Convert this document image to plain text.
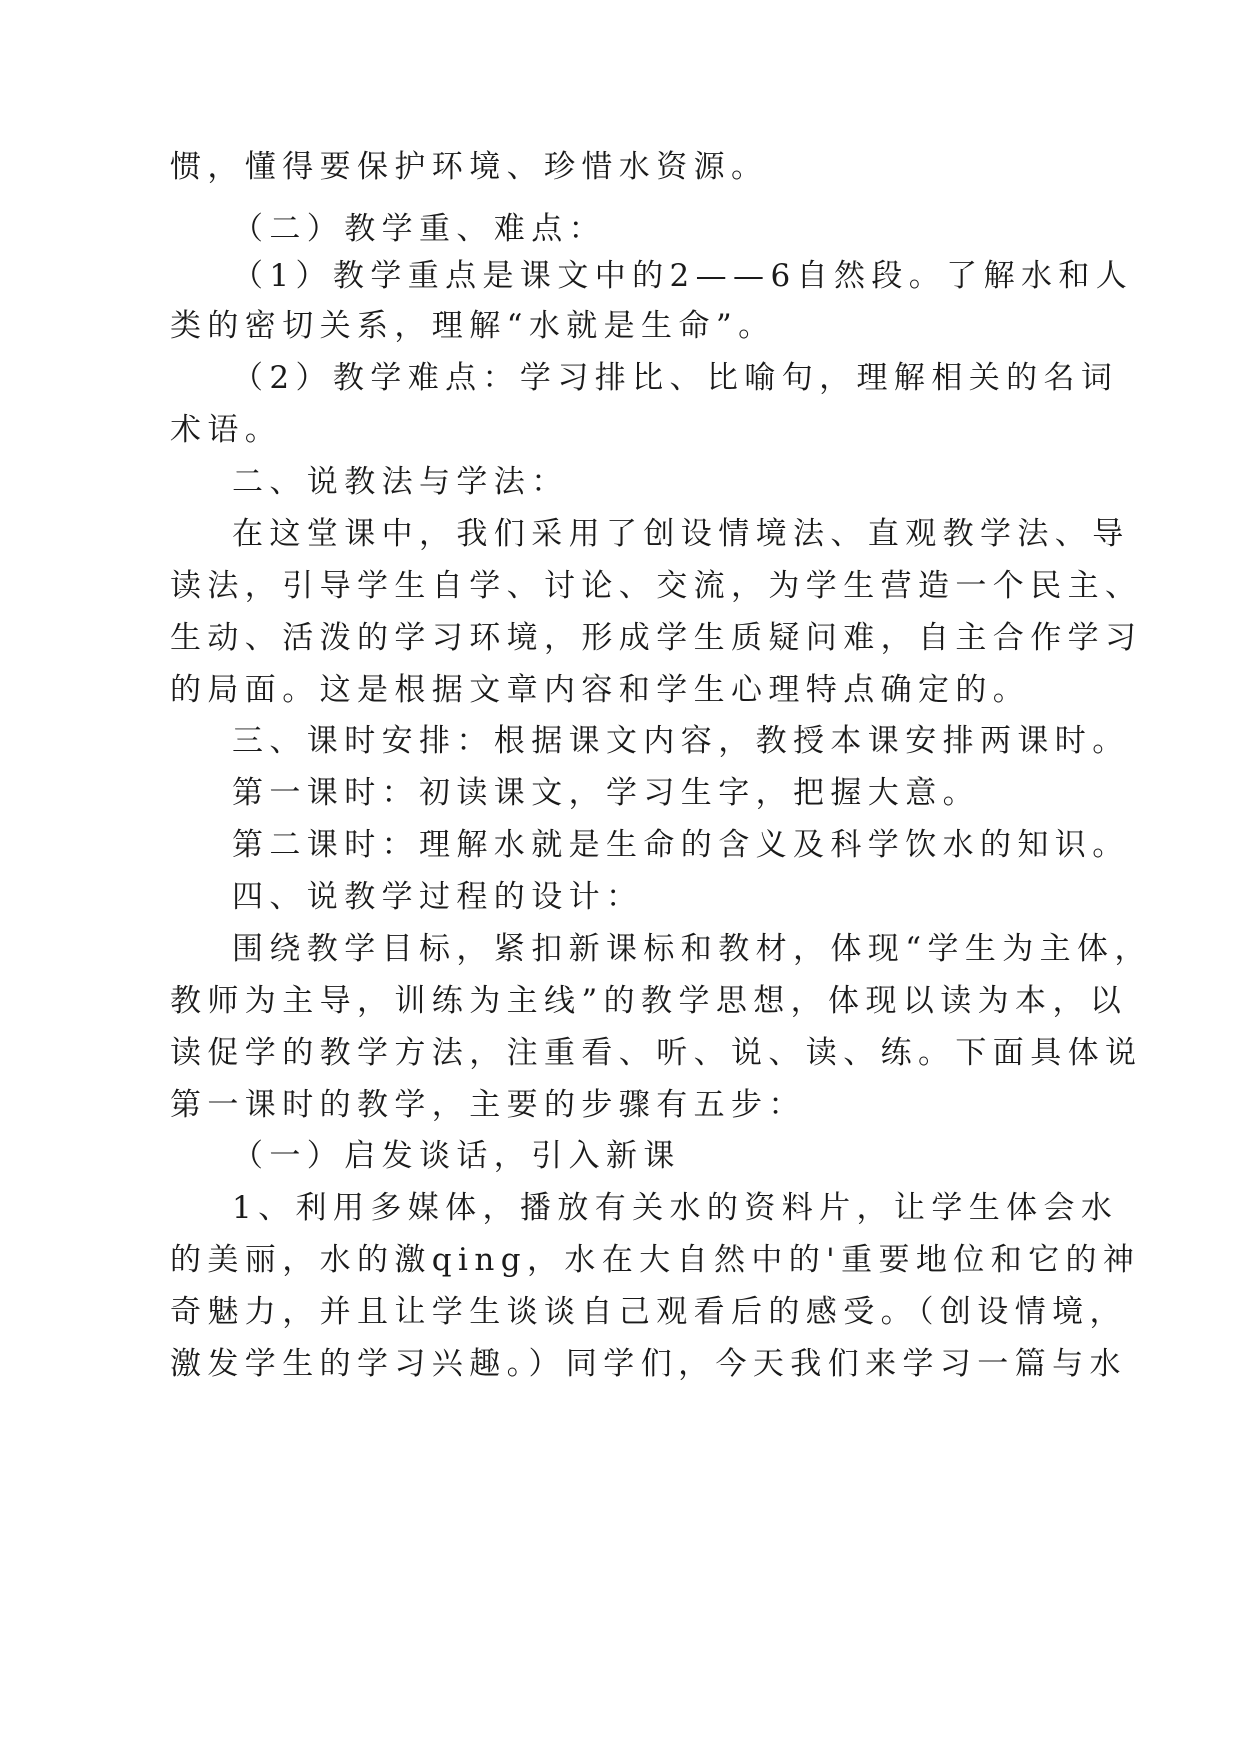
惯，懂得要保护环境、珍惜水资源。
（二）教学重、难点：
（1）教学重点是课文中的2——6自然段。了解水和人
类的密切关系，理解“水就是生命”。
（2）教学难点：学习排比、比喻句，理解相关的名词
术语。
二、说教法与学法：
在这堂课中，我们采用了创设情境法、直观教学法、导
读法，引导学生自学、讨论、交流，为学生营造一个民主、
生动、活泼的学习环境，形成学生质疑问难，自主合作学习
的局面。这是根据文章内容和学生心理特点确定的。
三、课时安排：根据课文内容，教授本课安排两课时。
第一课时：初读课文，学习生字，把握大意。
第二课时：理解水就是生命的含义及科学饮水的知识。
四、说教学过程的设计：
围绕教学目标，紧扣新课标和教材，体现“学生为主体，
教师为主导，训练为主线”的教学思想，体现以读为本，以
读促学的教学方法，注重看、听、说、读、练。下面具体说
第一课时的教学，主要的步骤有五步：
（一）启发谈话，引入新课
1、利用多媒体，播放有关水的资料片，让学生体会水
的美丽，水的激qing，水在大自然中的'重要地位和它的神
奇魅力，并且让学生谈谈自己观看后的感受。（创设情境，
激发学生的学习兴趣。）同学们，今天我们来学习一篇与水
